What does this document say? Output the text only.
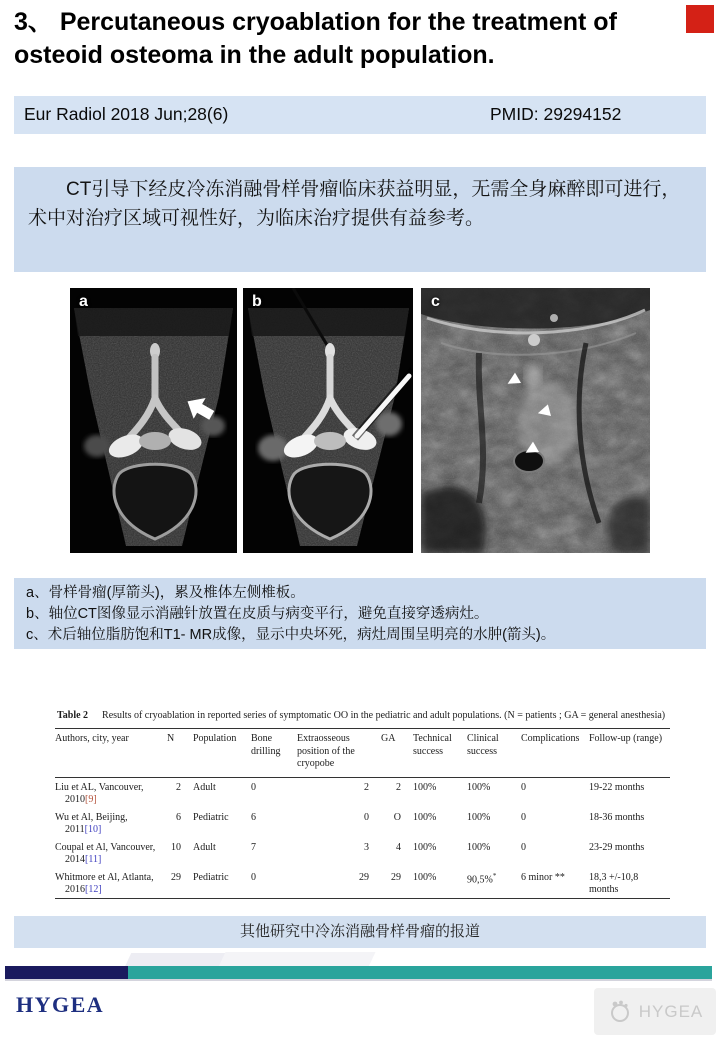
3、 Percutaneous cryoablation for the treatment of
osteoid osteoma in the adult population.
Eur Radiol 2018 Jun;28(6)	PMID: 29294152

CT引导下经皮冷冻消融骨样骨瘤临床获益明显，无需全身麻醉即可进行，术中对治疗区域可视性好，为临床治疗提供有益参考。

a	b	c

a、骨样骨瘤(厚箭头)，累及椎体左侧椎板。

b、轴位CT图像显示消融针放置在皮质与病变平行，避免直接穿透病灶。

c、术后轴位脂肪饱和T1- MR成像，显示中央坏死，病灶周围呈明亮的水肿(箭头)。

Table 2 Results of cryoablation in reported series of symptomatic OO in the pediatric and adult populations. (N = patients ; GA = general anesthesia)
Authors, city, year	N	Population	Bone drilling	Extraosseous position of the cryopobe	GA	Technical success	Clinical success	Complications	Follow-up (range)
Liu et AL, Vancouver, 2010[9]	2	Adult	0	2	2	100%	100%	0	19-22 months
Wu et Al, Beijing, 2011[10]	6	Pediatric	6	0	O	100%	100%	0	18-36 months
Coupal et Al, Vancouver, 2014[11]	10	Adult	7	3	4	100%	100%	0	23-29 months
Whitmore et Al, Atlanta, 2016[12]	29	Pediatric	0	29	29	100%	90,5%*	6 minor **	18,3 +/-10,8 months
其他研究中冷冻消融骨样骨瘤的报道
HYGEA	HYGEA
